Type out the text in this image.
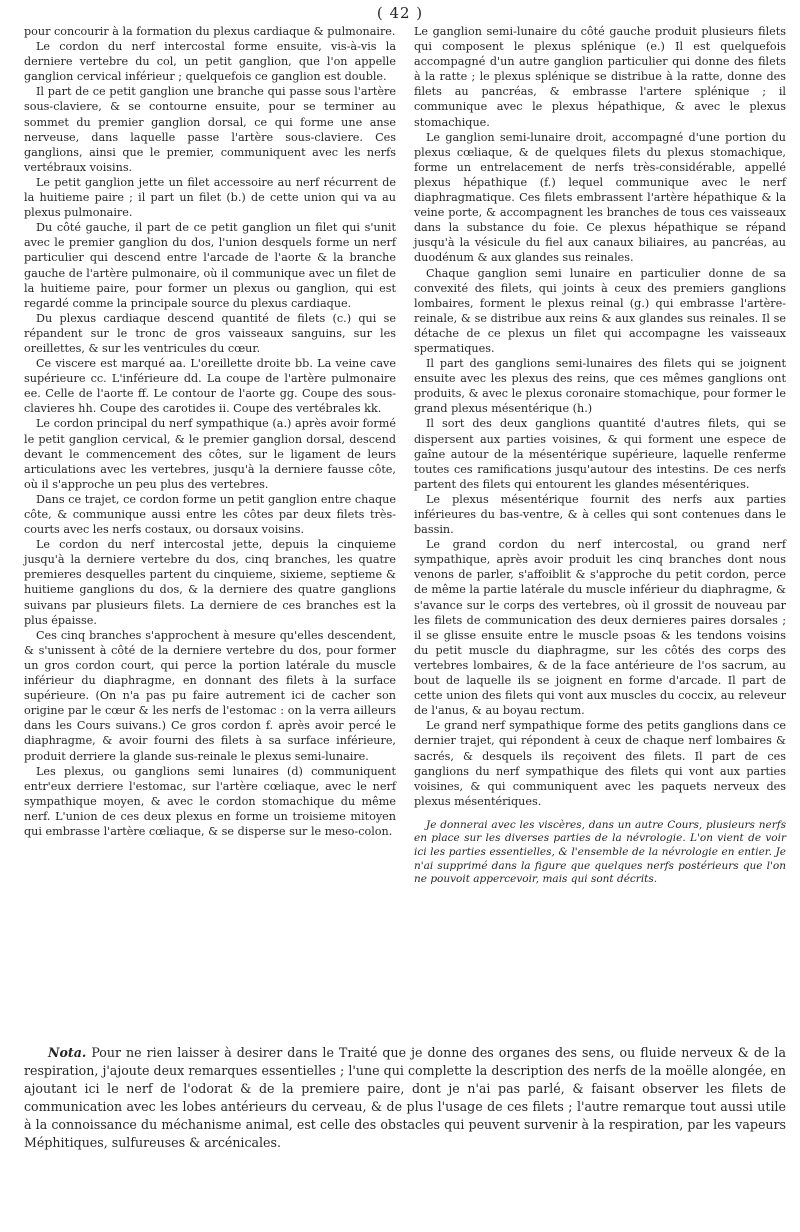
( 42 )

pour concourir à la formation du plexus cardiaque & pulmonaire.

Le cordon du nerf intercostal forme ensuite, vis-à-vis la derniere vertebre du col, un petit ganglion, que l'on appelle ganglion cervical inférieur ; quelquefois ce ganglion est double.

Il part de ce petit ganglion une branche qui passe sous l'artère sous-claviere, & se contourne ensuite, pour se terminer au sommet du premier ganglion dorsal, ce qui forme une anse nerveuse, dans laquelle passe l'artère sous-claviere. Ces ganglions, ainsi que le premier, communiquent avec les nerfs vertébraux voisins.

Le petit ganglion jette un filet accessoire au nerf récurrent de la huitieme paire ; il part un filet (b.) de cette union qui va au plexus pulmonaire.

Du côté gauche, il part de ce petit ganglion un filet qui s'unit avec le premier ganglion du dos, l'union desquels forme un nerf particulier qui descend entre l'arcade de l'aorte & la branche gauche de l'artère pulmonaire, où il communique avec un filet de la huitieme paire, pour former un plexus ou ganglion, qui est regardé comme la principale source du plexus cardiaque.

Du plexus cardiaque descend quantité de filets (c.) qui se répandent sur le tronc de gros vaisseaux sanguins, sur les oreillettes, & sur les ventricules du cœur.

Ce viscere est marqué aa. L'oreillette droite bb. La veine cave supérieure cc. L'inférieure dd. La coupe de l'artère pulmonaire ee. Celle de l'aorte ff. Le contour de l'aorte gg. Coupe des sous-clavieres hh. Coupe des carotides ii. Coupe des vertébrales kk.

Le cordon principal du nerf sympathique (a.) après avoir formé le petit ganglion cervical, & le premier ganglion dorsal, descend devant le commencement des côtes, sur le ligament de leurs articulations avec les vertebres, jusqu'à la derniere fausse côte, où il s'approche un peu plus des vertebres.

Dans ce trajet, ce cordon forme un petit ganglion entre chaque côte, & communique aussi entre les côtes par deux filets très-courts avec les nerfs costaux, ou dorsaux voisins.

Le cordon du nerf intercostal jette, depuis la cinquieme jusqu'à la derniere vertebre du dos, cinq branches, les quatre premieres desquelles partent du cinquieme, sixieme, septieme & huitieme ganglions du dos, & la derniere des quatre ganglions suivans par plusieurs filets. La derniere de ces branches est la plus épaisse.

Ces cinq branches s'approchent à mesure qu'elles descendent, & s'unissent à côté de la derniere vertebre du dos, pour former un gros cordon court, qui perce la portion latérale du muscle inférieur du diaphragme, en donnant des filets à la surface supérieure. (On n'a pas pu faire autrement ici de cacher son origine par le cœur & les nerfs de l'estomac : on la verra ailleurs dans les Cours suivans.) Ce gros cordon f. après avoir percé le diaphragme, & avoir fourni des filets à sa surface inférieure, produit derriere la glande sus-reinale le plexus semi-lunaire.

Les plexus, ou ganglions semi lunaires (d) communiquent entr'eux derriere l'estomac, sur l'artère cœliaque, avec le nerf sympathique moyen, & avec le cordon stomachique du même nerf. L'union de ces deux plexus en forme un troisieme mitoyen qui embrasse l'artère cœliaque, & se disperse sur le meso-colon.

Le ganglion semi-lunaire du côté gauche produit plusieurs filets qui composent le plexus splénique (e.) Il est quelquefois accompagné d'un autre ganglion particulier qui donne des filets à la ratte ; le plexus splénique se distribue à la ratte, donne des filets au pancréas, & embrasse l'artere splénique ; il communique avec le plexus hépathique, & avec le plexus stomachique.

Le ganglion semi-lunaire droit, accompagné d'une portion du plexus cœliaque, & de quelques filets du plexus stomachique, forme un entrelacement de nerfs très-considérable, appellé plexus hépathique (f.) lequel communique avec le nerf diaphragmatique. Ces filets embrassent l'artère hépathique & la veine porte, & accompagnent les branches de tous ces vaisseaux dans la substance du foie. Ce plexus hépathique se répand jusqu'à la vésicule du fiel aux canaux biliaires, au pancréas, au duodénum & aux glandes sus reinales.

Chaque ganglion semi lunaire en particulier donne de sa convexité des filets, qui joints à ceux des premiers ganglions lombaires, forment le plexus reinal (g.) qui embrasse l'artère-reinale, & se distribue aux reins & aux glandes sus reinales. Il se détache de ce plexus un filet qui accompagne les vaisseaux spermatiques.

Il part des ganglions semi-lunaires des filets qui se joignent ensuite avec les plexus des reins, que ces mêmes ganglions ont produits, & avec le plexus coronaire stomachique, pour former le grand plexus mésentérique (h.)

Il sort des deux ganglions quantité d'autres filets, qui se dispersent aux parties voisines, & qui forment une espece de gaîne autour de la mésentérique supérieure, laquelle renferme toutes ces ramifications jusqu'autour des intestins. De ces nerfs partent des filets qui entourent les glandes mésentériques.

Le plexus mésentérique fournit des nerfs aux parties inférieures du bas-ventre, & à celles qui sont contenues dans le bassin.

Le grand cordon du nerf intercostal, ou grand nerf sympathique, après avoir produit les cinq branches dont nous venons de parler, s'affoiblit & s'approche du petit cordon, perce de même la partie latérale du muscle inférieur du diaphragme, & s'avance sur le corps des vertebres, où il grossit de nouveau par les filets de communication des deux dernieres paires dorsales ; il se glisse ensuite entre le muscle psoas & les tendons voisins du petit muscle du diaphragme, sur les côtés des corps des vertebres lombaires, & de la face antérieure de l'os sacrum, au bout de laquelle ils se joignent en forme d'arcade. Il part de cette union des filets qui vont aux muscles du coccix, au releveur de l'anus, & au boyau rectum.

Le grand nerf sympathique forme des petits ganglions dans ce dernier trajet, qui répondent à ceux de chaque nerf lombaires & sacrés, & desquels ils reçoivent des filets. Il part de ces ganglions du nerf sympathique des filets qui vont aux parties voisines, & qui communiquent avec les paquets nerveux des plexus mésentériques.

Je donnerai avec les viscères, dans un autre Cours, plusieurs nerfs en place sur les diverses parties de la névrologie. L'on vient de voir ici les parties essentielles, & l'ensemble de la névrologie en entier. Je n'ai supprimé dans la figure que quelques nerfs postérieurs que l'on ne pouvoit appercevoir, mais qui sont décrits.

Nota. Pour ne rien laisser à desirer dans le Traité que je donne des organes des sens, ou fluide nerveux & de la respiration, j'ajoute deux remarques essentielles ; l'une qui complette la description des nerfs de la moëlle alongée, en ajoutant ici le nerf de l'odorat & de la premiere paire, dont je n'ai pas parlé, & faisant observer les filets de communication avec les lobes antérieurs du cerveau, & de plus l'usage de ces filets ; l'autre remarque tout aussi utile à la connoissance du méchanisme animal, est celle des obstacles qui peuvent survenir à la respiration, par les vapeurs Méphitiques, sulfureuses & arcénicales.
